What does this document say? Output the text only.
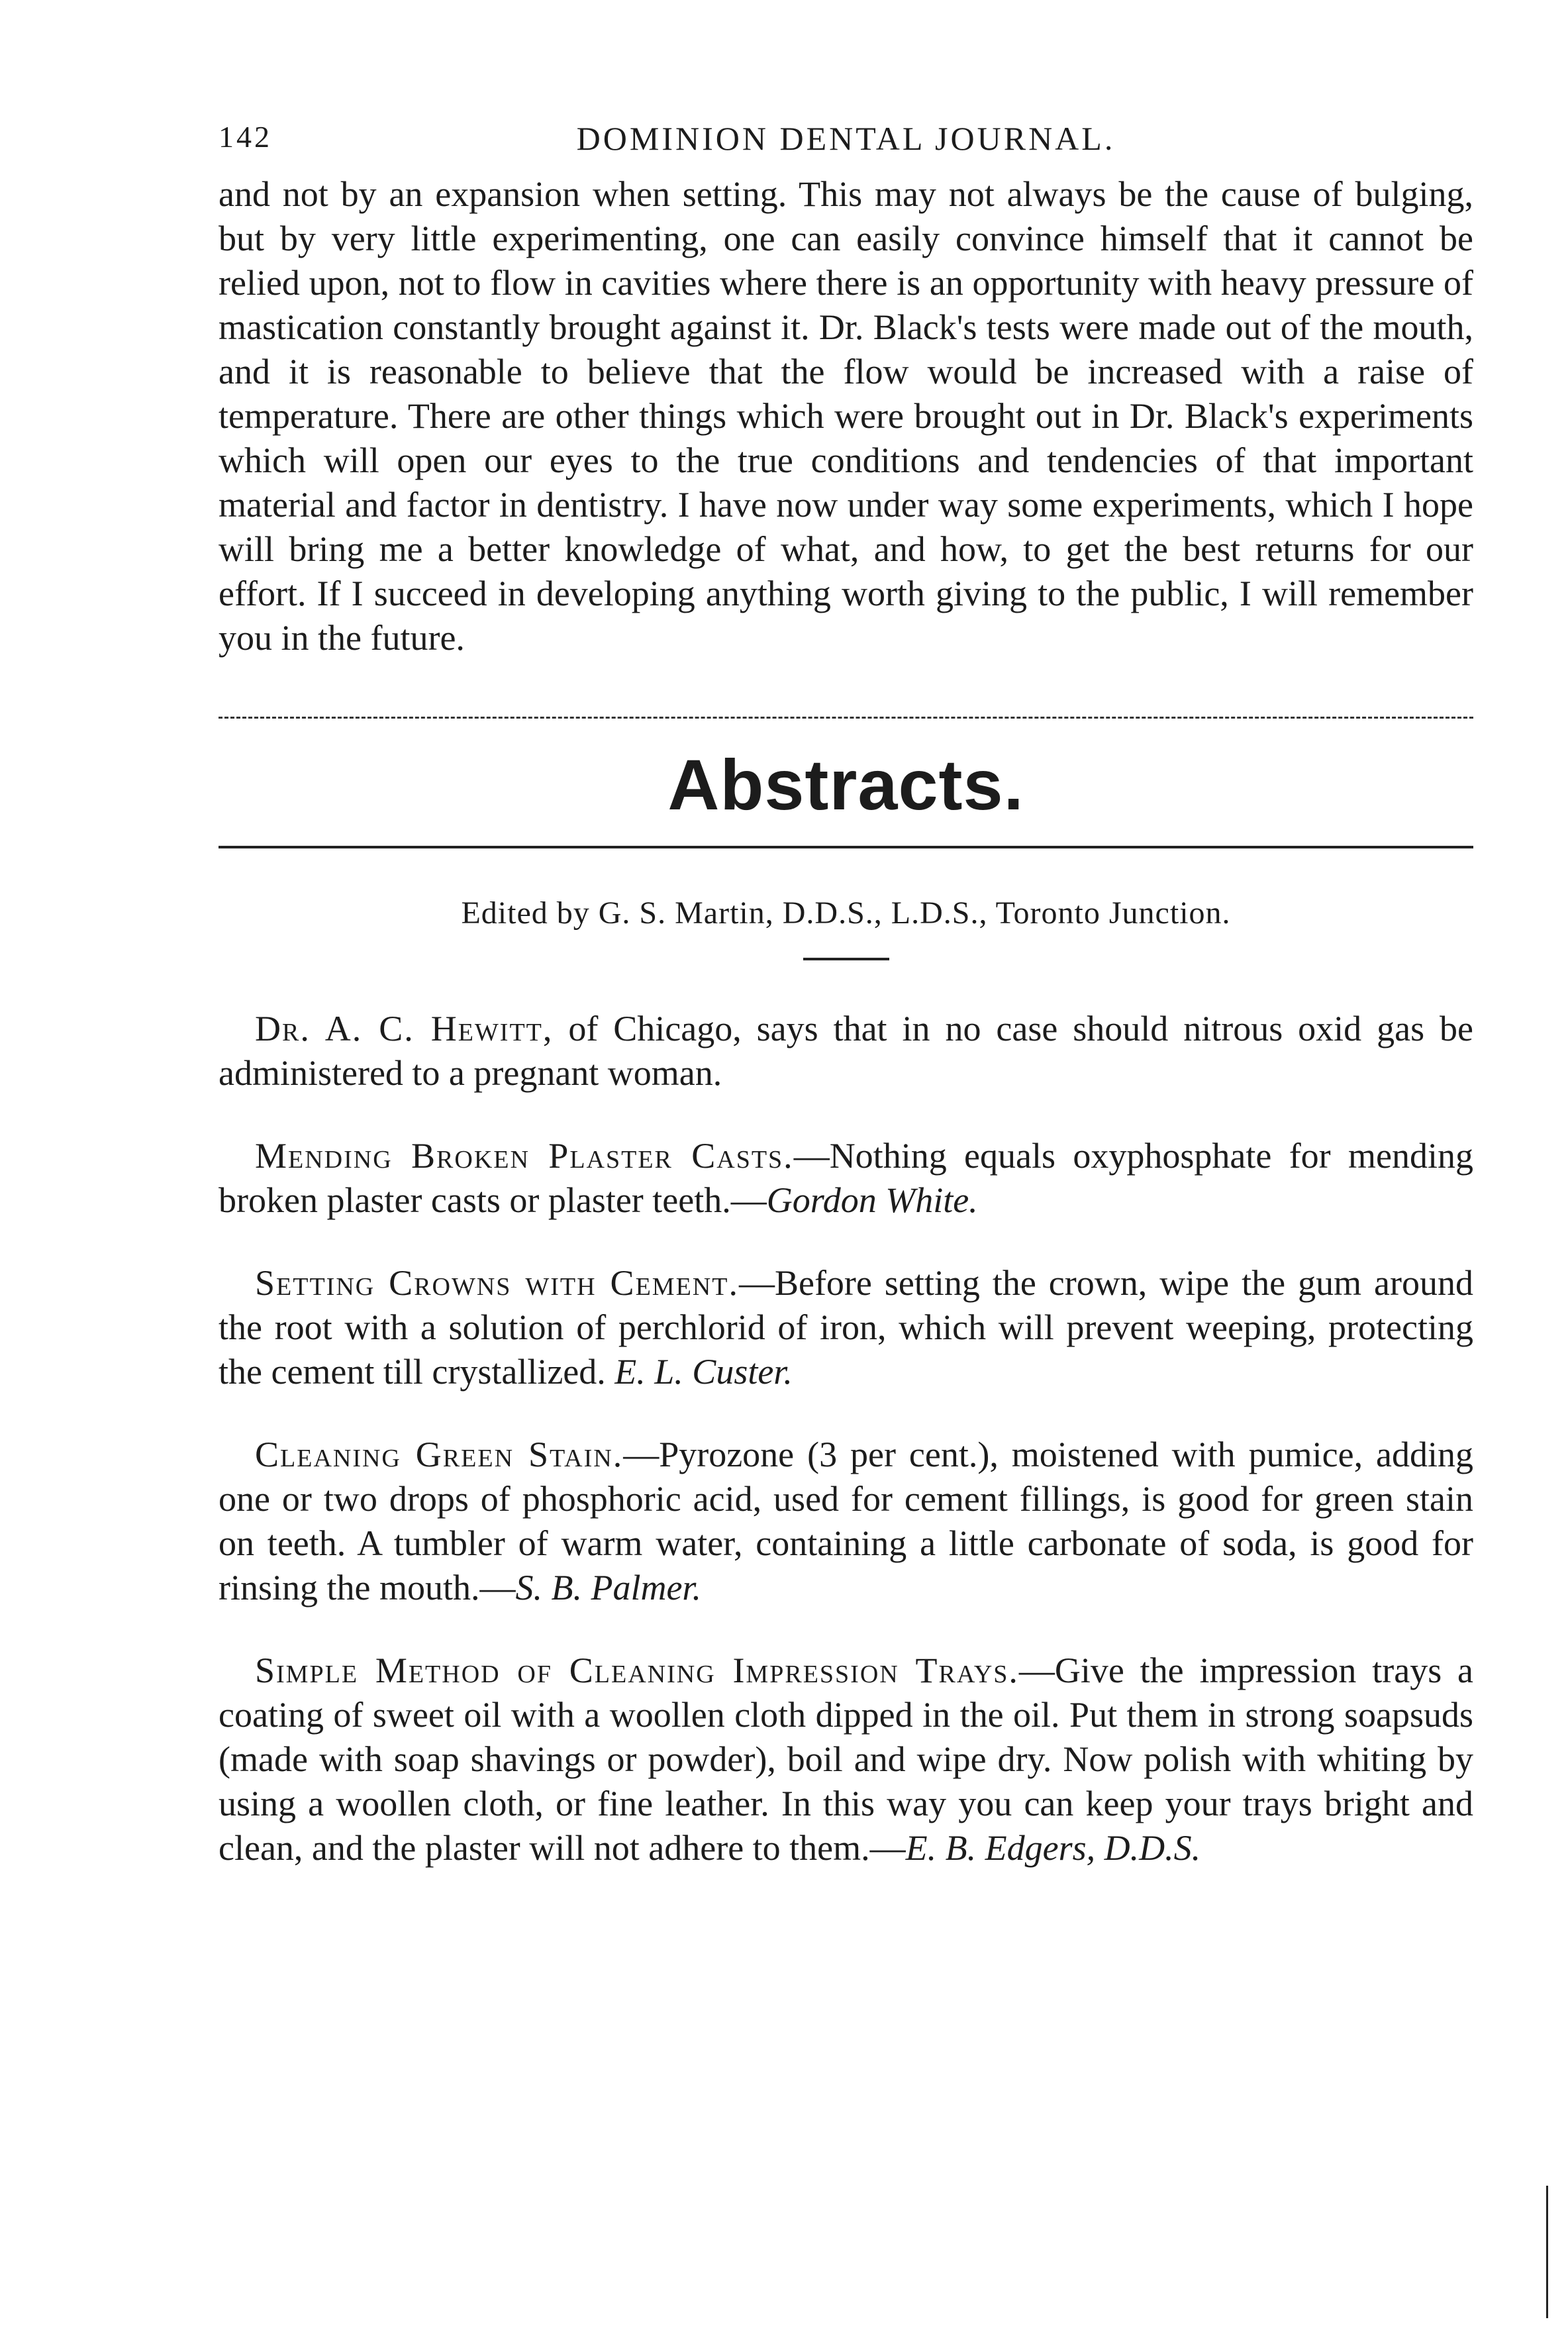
142	DOMINION DENTAL JOURNAL.

and not by an expansion when setting. This may not always be the cause of bulging, but by very little experimenting, one can easily convince himself that it cannot be relied upon, not to flow in cavities where there is an opportunity with heavy pressure of mastication constantly brought against it. Dr. Black's tests were made out of the mouth, and it is reasonable to believe that the flow would be increased with a raise of temperature. There are other things which were brought out in Dr. Black's experiments which will open our eyes to the true conditions and tendencies of that important material and factor in dentistry. I have now under way some experiments, which I hope will bring me a better knowledge of what, and how, to get the best returns for our effort. If I succeed in developing anything worth giving to the public, I will remember you in the future.

Abstracts.
Edited by G. S. Martin, D.D.S., L.D.S., Toronto Junction.

Dr. A. C. Hewitt, of Chicago, says that in no case should nitrous oxid gas be administered to a pregnant woman.

Mending Broken Plaster Casts.—Nothing equals oxyphosphate for mending broken plaster casts or plaster teeth.—Gordon White.

Setting Crowns with Cement.—Before setting the crown, wipe the gum around the root with a solution of perchlorid of iron, which will prevent weeping, protecting the cement till crystallized. E. L. Custer.

Cleaning Green Stain.—Pyrozone (3 per cent.), moistened with pumice, adding one or two drops of phosphoric acid, used for cement fillings, is good for green stain on teeth. A tumbler of warm water, containing a little carbonate of soda, is good for rinsing the mouth.—S. B. Palmer.

Simple Method of Cleaning Impression Trays.—Give the impression trays a coating of sweet oil with a woollen cloth dipped in the oil. Put them in strong soapsuds (made with soap shavings or powder), boil and wipe dry. Now polish with whiting by using a woollen cloth, or fine leather. In this way you can keep your trays bright and clean, and the plaster will not adhere to them.—E. B. Edgers, D.D.S.
